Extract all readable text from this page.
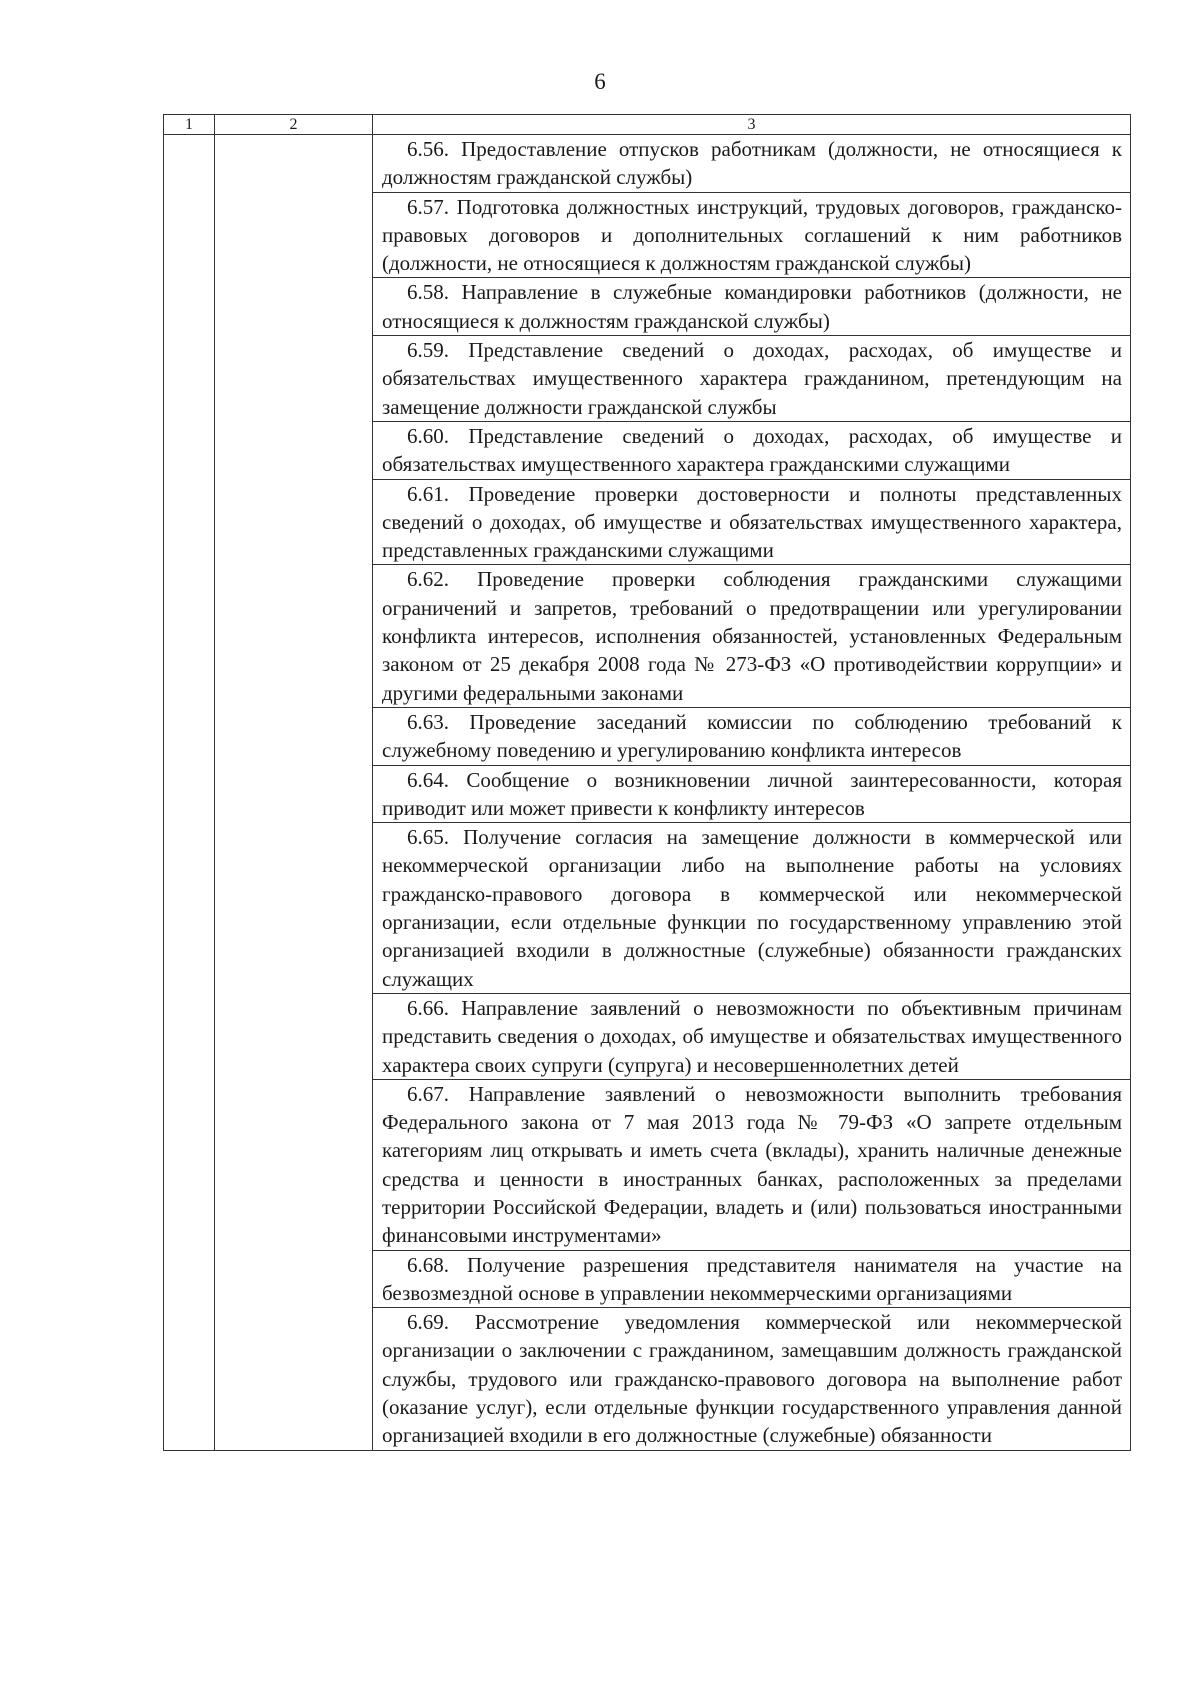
6
1	2	3

		6.56. Предоставление отпусков работникам (должности, не относящиеся к должностям гражданской службы)

		6.57. Подготовка должностных инструкций, трудовых договоров, гражданско-правовых договоров и дополнительных соглашений к ним работников (должности, не относящиеся к должностям гражданской службы)

		6.58. Направление в служебные командировки работников (должности, не относящиеся к должностям гражданской службы)

		6.59. Представление сведений о доходах, расходах, об имуществе и обязательствах имущественного характера гражданином, претендующим на замещение должности гражданской службы

		6.60. Представление сведений о доходах, расходах, об имуществе и обязательствах имущественного характера гражданскими служащими

		6.61. Проведение проверки достоверности и полноты представленных сведений о доходах, об имуществе и обязательствах имущественного характера, представленных гражданскими служащими

		6.62. Проведение проверки соблюдения гражданскими служащими ограничений и запретов, требований о предотвращении или урегулировании конфликта интересов, исполнения обязанностей, установленных Федеральным законом от 25 декабря 2008 года № 273-ФЗ «О противодействии коррупции» и другими федеральными законами

		6.63. Проведение заседаний комиссии по соблюдению требований к служебному поведению и урегулированию конфликта интересов

		6.64. Сообщение о возникновении личной заинтересованности, которая приводит или может привести к конфликту интересов

		6.65. Получение согласия на замещение должности в коммерческой или некоммерческой организации либо на выполнение работы на условиях гражданско-правового договора в коммерческой или некоммерческой организации, если отдельные функции по государственному управлению этой организацией входили в должностные (служебные) обязанности гражданских служащих

		6.66. Направление заявлений о невозможности по объективным причинам представить сведения о доходах, об имуществе и обязательствах имущественного характера своих супруги (супруга) и несовершеннолетних детей

		6.67. Направление заявлений о невозможности выполнить требования Федерального закона от 7 мая 2013 года № 79-ФЗ «О запрете отдельным категориям лиц открывать и иметь счета (вклады), хранить наличные денежные средства и ценности в иностранных банках, расположенных за пределами территории Российской Федерации, владеть и (или) пользоваться иностранными финансовыми инструментами»

		6.68. Получение разрешения представителя нанимателя на участие на безвозмездной основе в управлении некоммерческими организациями

		6.69. Рассмотрение уведомления коммерческой или некоммерческой организации о заключении с гражданином, замещавшим должность гражданской службы, трудового или гражданско-правового договора на выполнение работ (оказание услуг), если отдельные функции государственного управления данной организацией входили в его должностные (служебные) обязанности
